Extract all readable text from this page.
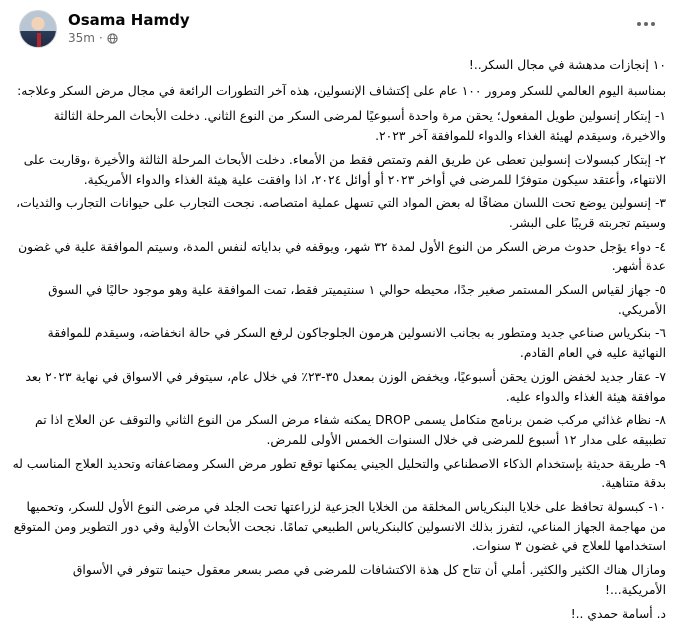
Osama Hamdy
35m ·

١٠ إنجازات مدهشة في مجال السكر..!

بمناسبة اليوم العالمي للسكر ومرور ١٠٠ عام على إكتشاف الإنسولين، هذه آخر التطورات الرائعة في مجال مرض السكر وعلاجه:

١- إبتكار إنسولين طويل المفعول؛ يحقن مرة واحدة أسبوعيًا لمرضى السكر من النوع الثاني. دخلت الأبحاث المرحلة الثالثة والاخيرة، وسيقدم لهيئة الغذاء والدواء للموافقة آخر ٢٠٢٣.

٢- إبتكار كبسولات إنسولين تعطى عن طريق الفم وتمتص فقط من الأمعاء. دخلت الأبحاث المرحلة الثالثة والأخيرة ،وقاربت على الانتهاء، وأعتقد سيكون متوفرًا للمرضى في أواخر ٢٠٢٣ أو أوائل ٢٠٢٤، اذا وافقت علية هيئة الغذاء والدواء الأمريكية.

٣- إنسولين يوضع تحت اللسان مضافًا له بعض المواد التي تسهل عملية امتصاصه. نجحت التجارب على حيوانات التجارب والثديات، وسيتم تجربته قريبًا على البشر.

٤- دواء يؤجل حدوث مرض السكر من النوع الأول لمدة ٣٢ شهر، ويوقفه في بداياته لنفس المدة، وسيتم الموافقة علية في غضون عدة أشهر.

٥- جهاز لقياس السكر المستمر صغير جدًا، محيطه حوالي ١ سنتيميتر فقط، تمت الموافقة علية وهو موجود حاليًا في السوق الأمريكي.

٦- بنكرياس صناعي جديد ومتطور به بجانب الانسولين هرمون الجلوجاكون لرفع السكر في حالة انخفاضه، وسيقدم للموافقة النهائية عليه في العام القادم.

٧- عقار جديد لخفض الوزن يحقن أسبوعيًا، ويخفض الوزن بمعدل ٣٥-٢٣٪ في خلال عام، سيتوفر في الاسواق في نهاية ٢٠٢٣ بعد موافقة هيئة الغذاء والدواء عليه.

٨- نظام غذائي مركب ضمن برنامج متكامل يسمى DROP يمكنه شفاء مرض السكر من النوع الثاني والتوقف عن العلاج اذا تم تطبيقه على مدار ١٢ أسبوع للمرضى في خلال السنوات الخمس الأولى للمرض.

٩- طريقة حديثة بإستخدام الذكاء الاصطناعي والتحليل الجيني يمكنها توقع تطور مرض السكر ومضاعفاته وتحديد العلاج المناسب له بدقة متناهية.

١٠- كبسولة تحافظ على خلايا البنكرياس المخلقة من الخلايا الجزعية لزراعتها تحت الجلد في مرضى النوع الأول للسكر، وتحميها من مهاجمة الجهاز المناعي، لتفرز بذلك الانسولين كالبنكرياس الطبيعي تمامًا. نجحت الأبحاث الأولية وفي دور التطوير ومن المتوقع استخدامها للعلاج في غضون ٣ سنوات.

ومازال هناك الكثير والكثير. أملي أن تتاح كل هذة الاكتشافات للمرضى في مصر بسعر معقول حينما تتوفر في الأسواق الأمريكية...!

د. أسامة حمدي ..!
